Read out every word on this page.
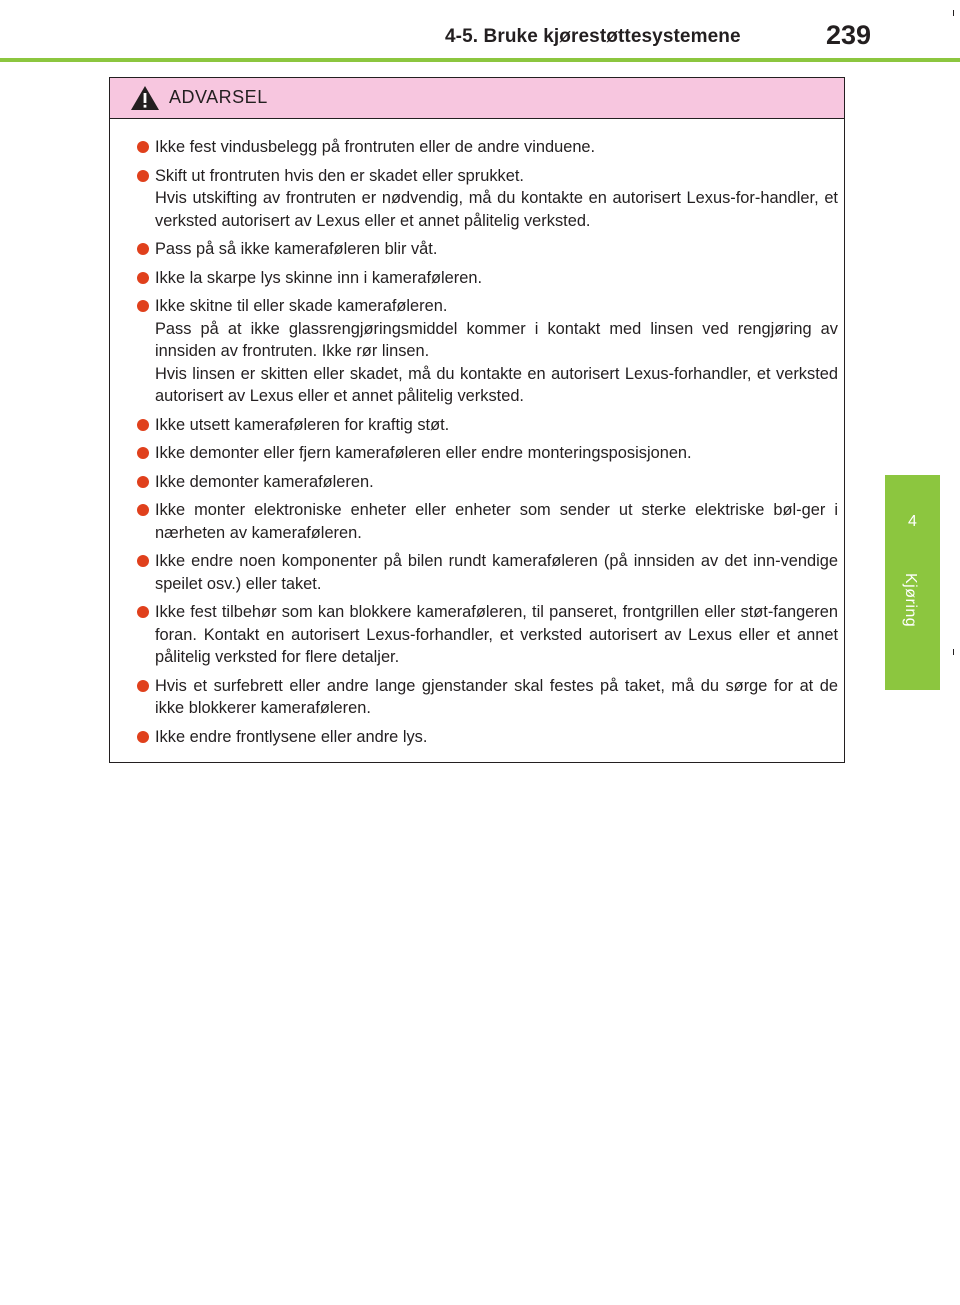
4-5. Bruke kjørestøttesystemene	239
4
Kjøring
ADVARSEL
Ikke fest vindusbelegg på frontruten eller de andre vinduene.
Skift ut frontruten hvis den er skadet eller sprukket.
Hvis utskifting av frontruten er nødvendig, må du kontakte en autorisert Lexus-for-handler, et verksted autorisert av Lexus eller et annet pålitelig verksted.
Pass på så ikke kameraføleren blir våt.
Ikke la skarpe lys skinne inn i kameraføleren.
Ikke skitne til eller skade kameraføleren.
Pass på at ikke glassrengjøringsmiddel kommer i kontakt med linsen ved rengjøring av innsiden av frontruten. Ikke rør linsen.
Hvis linsen er skitten eller skadet, må du kontakte en autorisert Lexus-forhandler, et verksted autorisert av Lexus eller et annet pålitelig verksted.
Ikke utsett kameraføleren for kraftig støt.
Ikke demonter eller fjern kameraføleren eller endre monteringsposisjonen.
Ikke demonter kameraføleren.
Ikke monter elektroniske enheter eller enheter som sender ut sterke elektriske bøl-ger i nærheten av kameraføleren.
Ikke endre noen komponenter på bilen rundt kameraføleren (på innsiden av det inn-vendige speilet osv.) eller taket.
Ikke fest tilbehør som kan blokkere kameraføleren, til panseret, frontgrillen eller støt-fangeren foran. Kontakt en autorisert Lexus-forhandler, et verksted autorisert av Lexus eller et annet pålitelig verksted for flere detaljer.
Hvis et surfebrett eller andre lange gjenstander skal festes på taket, må du sørge for at de ikke blokkerer kameraføleren.
Ikke endre frontlysene eller andre lys.
